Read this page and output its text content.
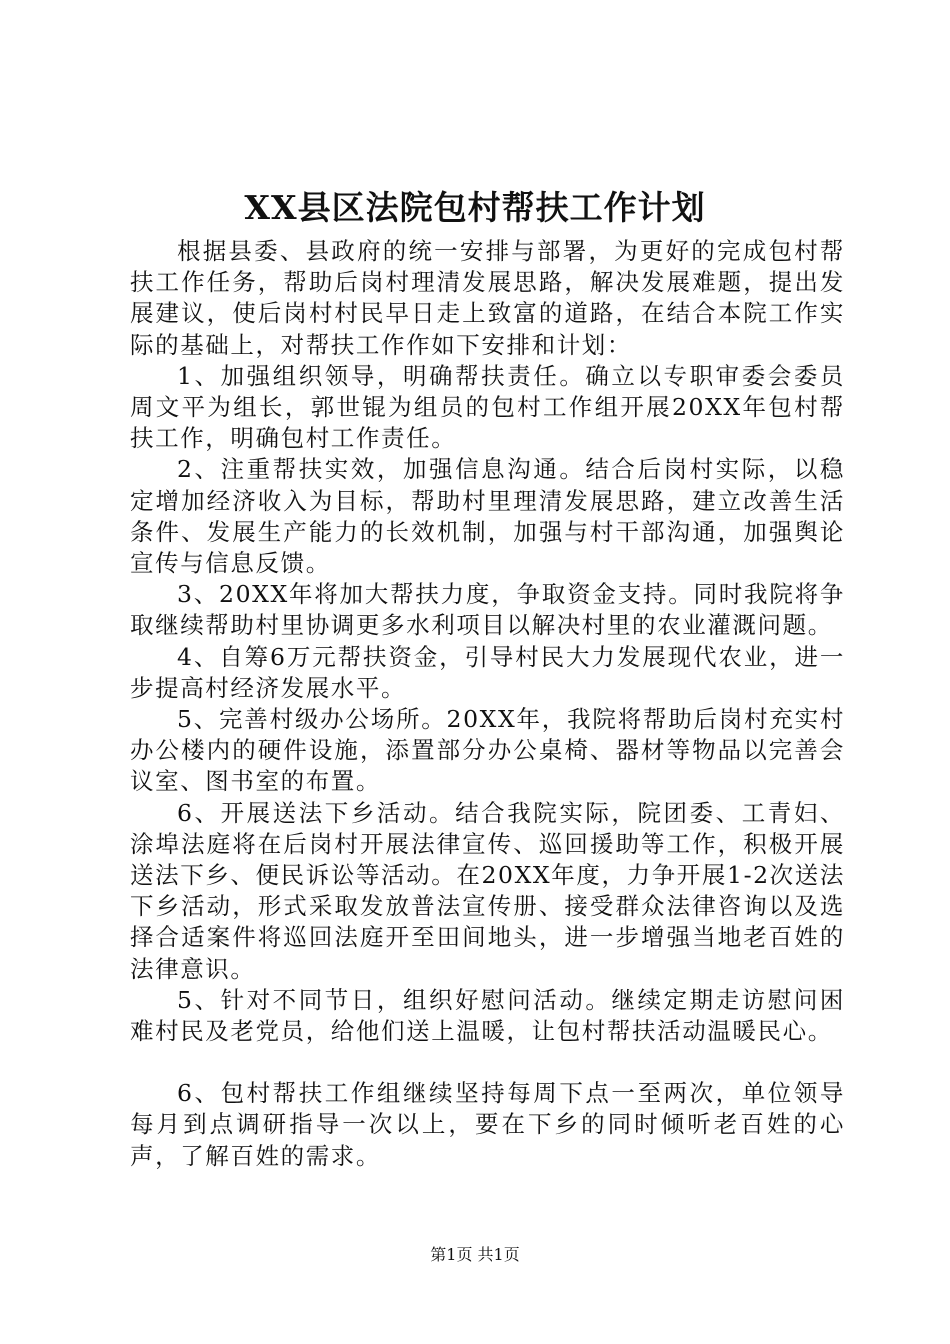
XX县区法院包村帮扶工作计划

根据县委、县政府的统一安排与部署，为更好的完成包村帮扶工作任务，帮助后岗村理清发展思路，解决发展难题，提出发展建议，使后岗村村民早日走上致富的道路，在结合本院工作实际的基础上，对帮扶工作作如下安排和计划：

1、加强组织领导，明确帮扶责任。确立以专职审委会委员周文平为组长，郭世锟为组员的包村工作组开展20XX年包村帮扶工作，明确包村工作责任。

2、注重帮扶实效，加强信息沟通。结合后岗村实际，以稳定增加经济收入为目标，帮助村里理清发展思路，建立改善生活条件、发展生产能力的长效机制，加强与村干部沟通，加强舆论宣传与信息反馈。

3、20XX年将加大帮扶力度，争取资金支持。同时我院将争取继续帮助村里协调更多水利项目以解决村里的农业灌溉问题。

4、自筹6万元帮扶资金，引导村民大力发展现代农业，进一步提高村经济发展水平。

5、完善村级办公场所。20XX年，我院将帮助后岗村充实村办公楼内的硬件设施，添置部分办公桌椅、器材等物品以完善会议室、图书室的布置。

6、开展送法下乡活动。结合我院实际，院团委、工青妇、涂埠法庭将在后岗村开展法律宣传、巡回援助等工作，积极开展送法下乡、便民诉讼等活动。在20XX年度，力争开展1-2次送法下乡活动，形式采取发放普法宣传册、接受群众法律咨询以及选择合适案件将巡回法庭开至田间地头，进一步增强当地老百姓的法律意识。

5、针对不同节日，组织好慰问活动。继续定期走访慰问困难村民及老党员，给他们送上温暖，让包村帮扶活动温暖民心。

6、包村帮扶工作组继续坚持每周下点一至两次，单位领导每月到点调研指导一次以上，要在下乡的同时倾听老百姓的心声，了解百姓的需求。

第1页 共1页
